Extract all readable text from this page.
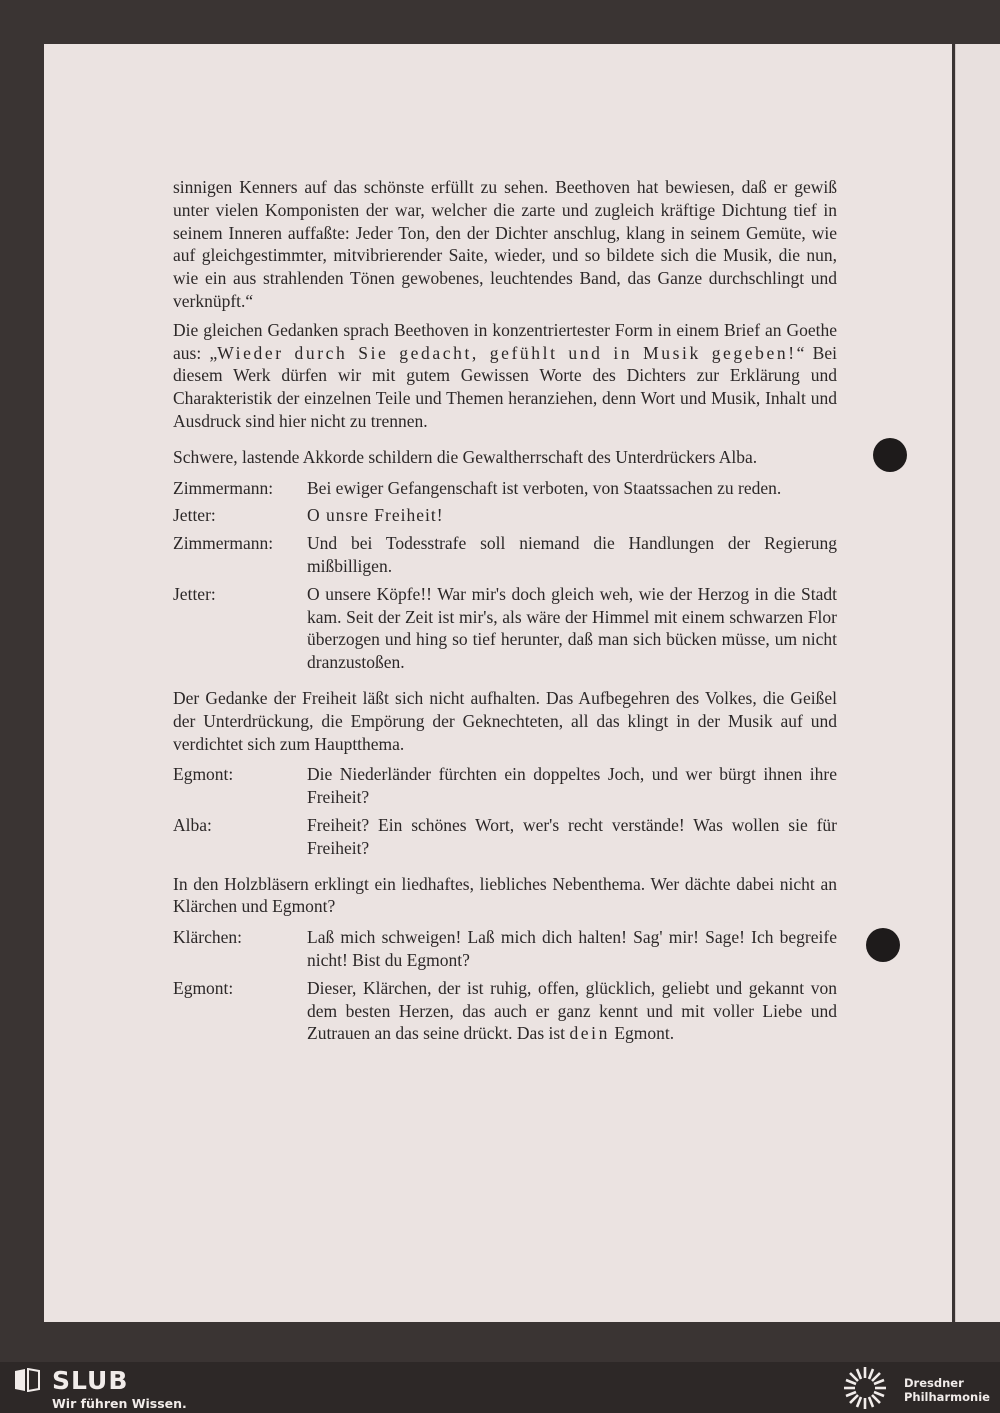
sinnigen Kenners auf das schönste erfüllt zu sehen. Beethoven hat bewiesen, daß er gewiß unter vielen Komponisten der war, welcher die zarte und zugleich kräftige Dichtung tief in seinem Inneren auffaßte: Jeder Ton, den der Dichter anschlug, klang in seinem Gemüte, wie auf gleichgestimmter, mitvibrierender Saite, wieder, und so bildete sich die Musik, die nun, wie ein aus strahlenden Tönen gewobenes, leuchtendes Band, das Ganze durchschlingt und verknüpft.“

Die gleichen Gedanken sprach Beethoven in konzentriertester Form in einem Brief an Goethe aus: „Wieder durch Sie gedacht, gefühlt und in Musik gegeben!“ Bei diesem Werk dürfen wir mit gutem Gewissen Worte des Dichters zur Erklärung und Charakteristik der einzelnen Teile und Themen heranziehen, denn Wort und Musik, Inhalt und Ausdruck sind hier nicht zu trennen.

Schwere, lastende Akkorde schildern die Gewaltherrschaft des Unterdrückers Alba.

Zimmermann:	Bei ewiger Gefangenschaft ist verboten, von Staatssachen zu reden.
Jetter:	O unsre Freiheit!
Zimmermann:	Und bei Todesstrafe soll niemand die Handlungen der Regierung mißbilligen.
Jetter:	O unsere Köpfe!! War mir's doch gleich weh, wie der Herzog in die Stadt kam. Seit der Zeit ist mir's, als wäre der Himmel mit einem schwarzen Flor überzogen und hing so tief herunter, daß man sich bücken müsse, um nicht dranzustoßen.

Der Gedanke der Freiheit läßt sich nicht aufhalten. Das Aufbegehren des Volkes, die Geißel der Unterdrückung, die Empörung der Geknechteten, all das klingt in der Musik auf und verdichtet sich zum Hauptthema.

Egmont:	Die Niederländer fürchten ein doppeltes Joch, und wer bürgt ihnen ihre Freiheit?
Alba:	Freiheit? Ein schönes Wort, wer's recht verstände! Was wollen sie für Freiheit?

In den Holzbläsern erklingt ein liedhaftes, liebliches Nebenthema. Wer dächte dabei nicht an Klärchen und Egmont?

Klärchen:	Laß mich schweigen! Laß mich dich halten! Sag' mir! Sage! Ich begreife nicht! Bist du Egmont?
Egmont:	Dieser, Klärchen, der ist ruhig, offen, glücklich, geliebt und gekannt von dem besten Herzen, das auch er ganz kennt und mit voller Liebe und Zutrauen an das seine drückt. Das ist dein Egmont.
SLUB
Wir führen Wissen.
Dresdner
Philharmonie
